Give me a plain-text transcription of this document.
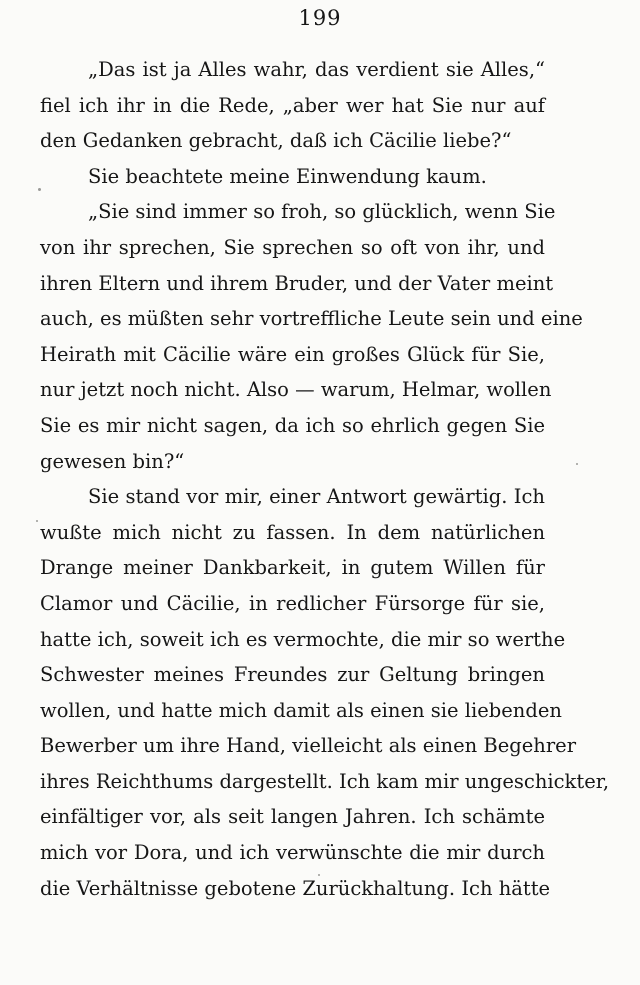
199
„Das ist ja Alles wahr, das verdient sie Alles,“
fiel ich ihr in die Rede, „aber wer hat Sie nur auf
den Gedanken gebracht, daß ich Cäcilie liebe?“
Sie beachtete meine Einwendung kaum.
„Sie sind immer so froh, so glücklich, wenn Sie
von ihr sprechen, Sie sprechen so oft von ihr, und
ihren Eltern und ihrem Bruder, und der Vater meint
auch, es müßten sehr vortreffliche Leute sein und eine
Heirath mit Cäcilie wäre ein großes Glück für Sie,
nur jetzt noch nicht. Also — warum, Helmar, wollen
Sie es mir nicht sagen, da ich so ehrlich gegen Sie
gewesen bin?“
Sie stand vor mir, einer Antwort gewärtig. Ich
wußte mich nicht zu fassen. In dem natürlichen
Drange meiner Dankbarkeit, in gutem Willen für
Clamor und Cäcilie, in redlicher Fürsorge für sie,
hatte ich, soweit ich es vermochte, die mir so werthe
Schwester meines Freundes zur Geltung bringen
wollen, und hatte mich damit als einen sie liebenden
Bewerber um ihre Hand, vielleicht als einen Begehrer
ihres Reichthums dargestellt. Ich kam mir ungeschickter,
einfältiger vor, als seit langen Jahren. Ich schämte
mich vor Dora, und ich verwünschte die mir durch
die Verhältnisse gebotene Zurückhaltung. Ich hätte
